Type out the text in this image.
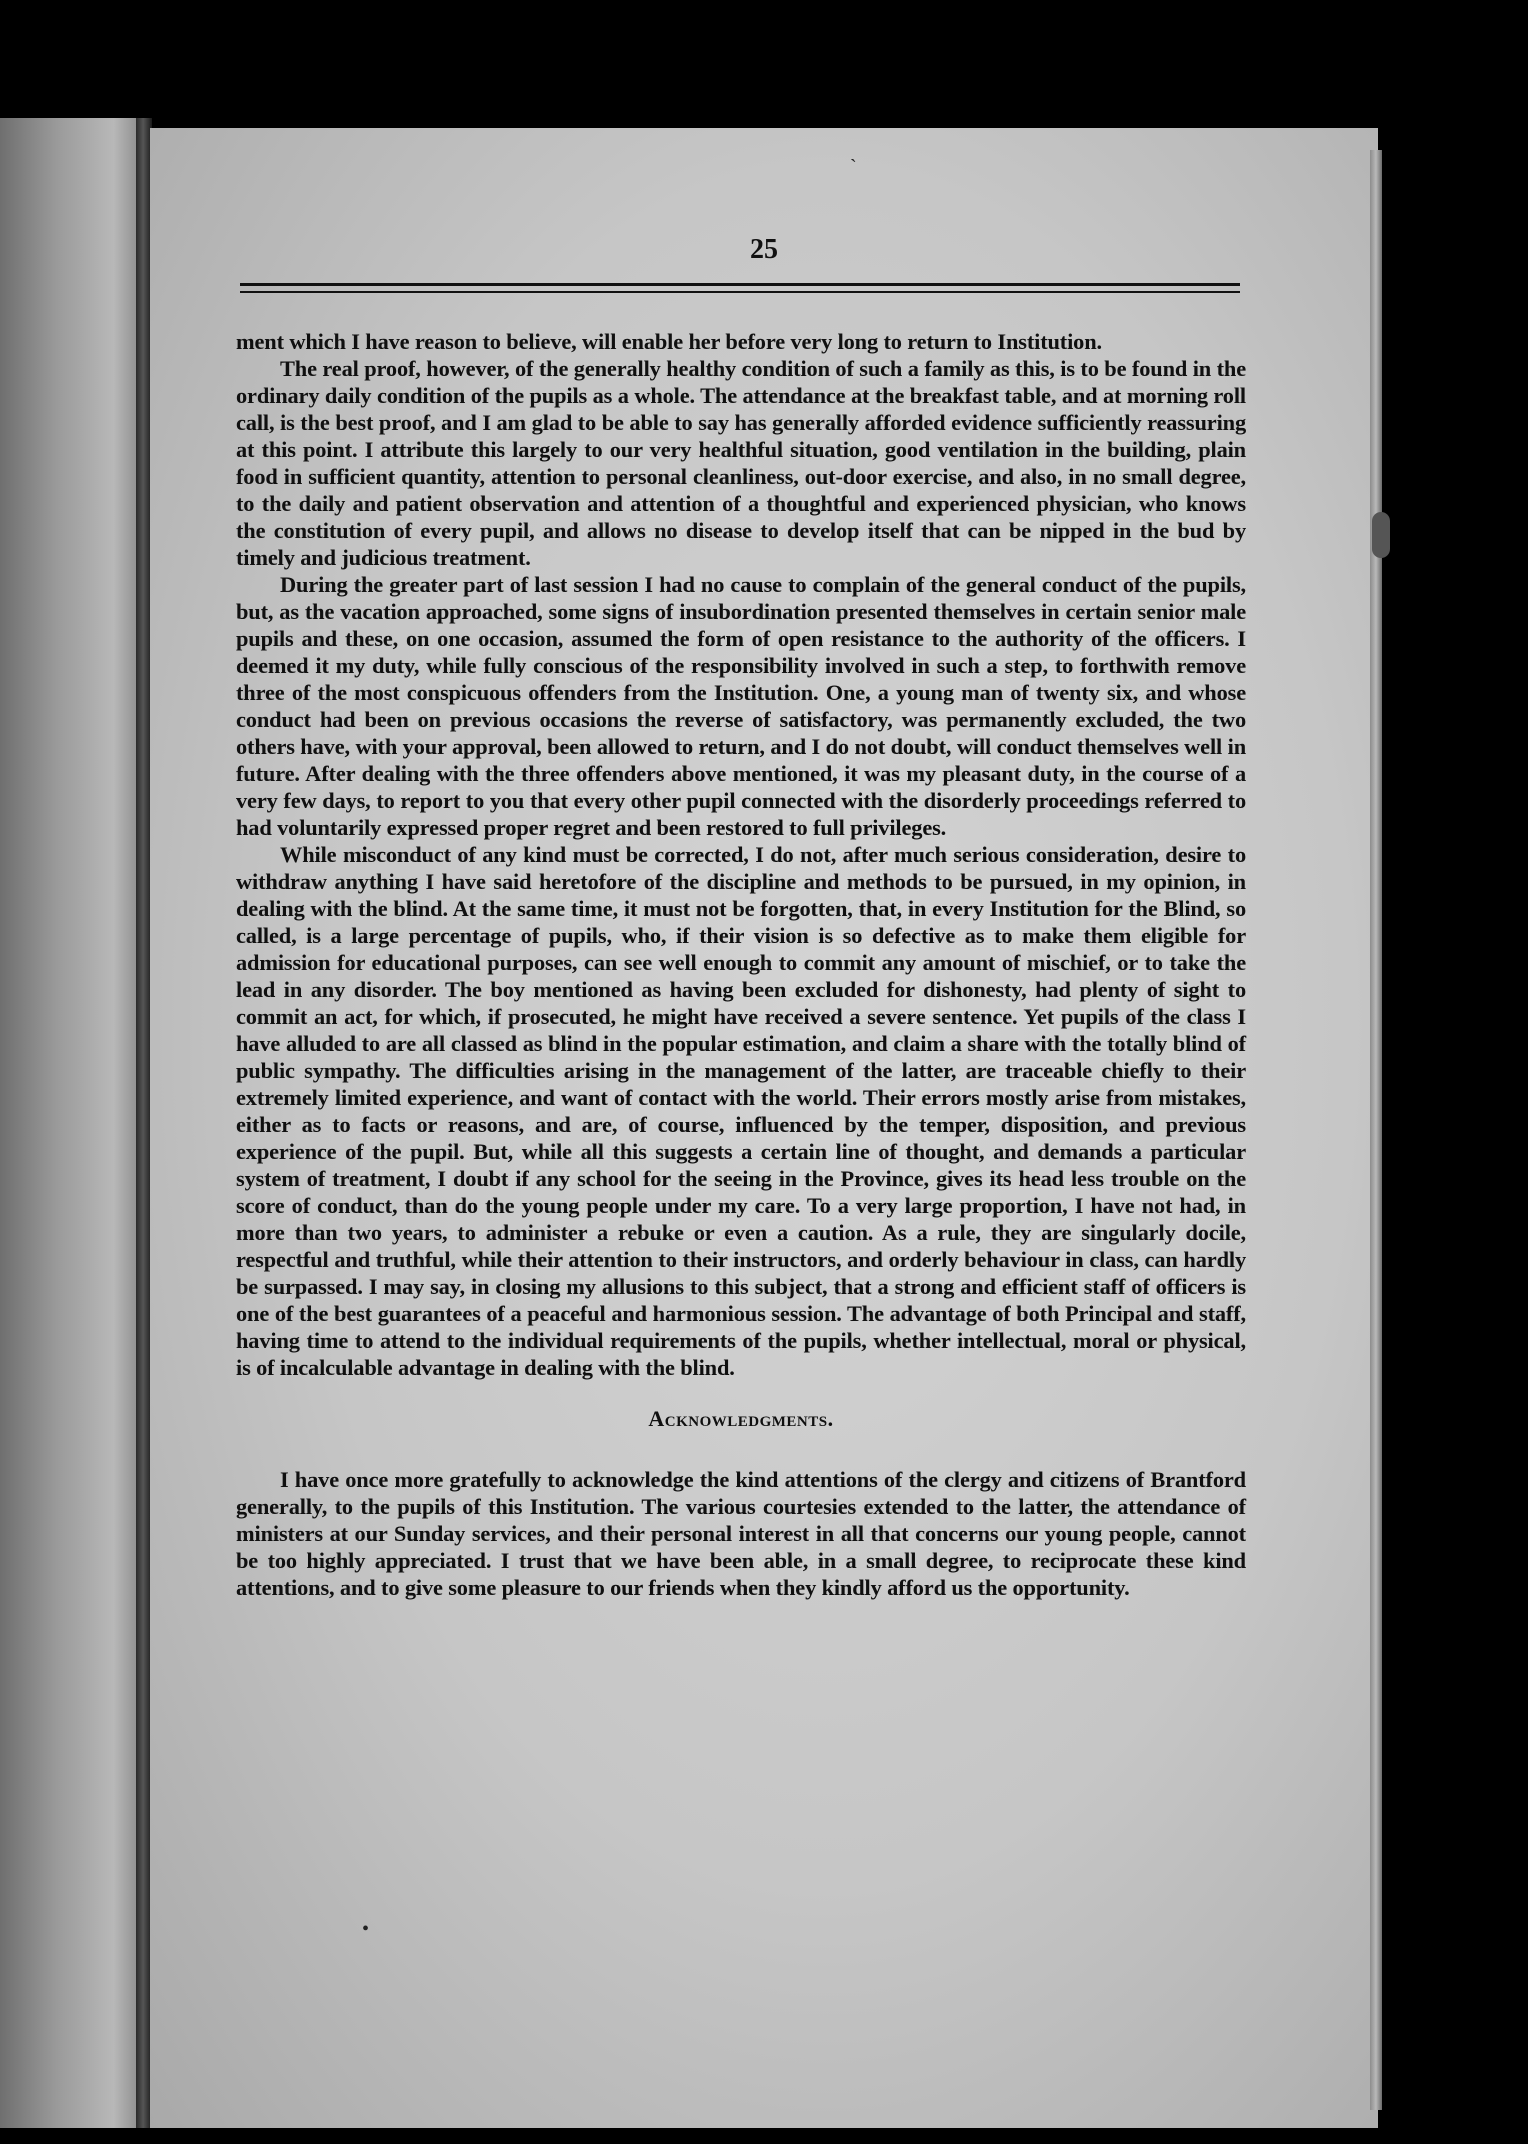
25

ment which I have reason to believe, will enable her before very long to return to Institution.

The real proof, however, of the generally healthy condition of such a family as this, is to be found in the ordinary daily condition of the pupils as a whole. The attendance at the breakfast table, and at morning roll call, is the best proof, and I am glad to be able to say has generally afforded evidence sufficiently reassuring at this point. I attribute this largely to our very healthful situation, good ventilation in the building, plain food in sufficient quantity, attention to personal cleanliness, out-door exercise, and also, in no small degree, to the daily and patient observation and attention of a thoughtful and experienced physician, who knows the constitution of every pupil, and allows no disease to develop itself that can be nipped in the bud by timely and judicious treatment.

During the greater part of last session I had no cause to complain of the general conduct of the pupils, but, as the vacation approached, some signs of insubordination presented themselves in certain senior male pupils and these, on one occasion, assumed the form of open resistance to the authority of the officers. I deemed it my duty, while fully conscious of the responsibility involved in such a step, to forthwith remove three of the most conspicuous offenders from the Institution. One, a young man of twenty six, and whose conduct had been on previous occasions the reverse of satisfactory, was permanently excluded, the two others have, with your approval, been allowed to return, and I do not doubt, will conduct themselves well in future. After dealing with the three offenders above mentioned, it was my pleasant duty, in the course of a very few days, to report to you that every other pupil connected with the disorderly proceedings referred to had voluntarily expressed proper regret and been restored to full privileges.

While misconduct of any kind must be corrected, I do not, after much serious consideration, desire to withdraw anything I have said heretofore of the discipline and methods to be pursued, in my opinion, in dealing with the blind. At the same time, it must not be forgotten, that, in every Institution for the Blind, so called, is a large percentage of pupils, who, if their vision is so defective as to make them eligible for admission for educational purposes, can see well enough to commit any amount of mischief, or to take the lead in any disorder. The boy mentioned as having been excluded for dishonesty, had plenty of sight to commit an act, for which, if prosecuted, he might have received a severe sentence. Yet pupils of the class I have alluded to are all classed as blind in the popular estimation, and claim a share with the totally blind of public sympathy. The difficulties arising in the management of the latter, are traceable chiefly to their extremely limited experience, and want of contact with the world. Their errors mostly arise from mistakes, either as to facts or reasons, and are, of course, influenced by the temper, disposition, and previous experience of the pupil. But, while all this suggests a certain line of thought, and demands a particular system of treatment, I doubt if any school for the seeing in the Province, gives its head less trouble on the score of conduct, than do the young people under my care. To a very large proportion, I have not had, in more than two years, to administer a rebuke or even a caution. As a rule, they are singularly docile, respectful and truthful, while their attention to their instructors, and orderly behaviour in class, can hardly be surpassed. I may say, in closing my allusions to this subject, that a strong and efficient staff of officers is one of the best guarantees of a peaceful and harmonious session. The advantage of both Principal and staff, having time to attend to the individual requirements of the pupils, whether intellectual, moral or physical, is of incalculable advantage in dealing with the blind.

Acknowledgments.

I have once more gratefully to acknowledge the kind attentions of the clergy and citizens of Brantford generally, to the pupils of this Institution. The various courtesies extended to the latter, the attendance of ministers at our Sunday services, and their personal interest in all that concerns our young people, cannot be too highly appreciated. I trust that we have been able, in a small degree, to reciprocate these kind attentions, and to give some pleasure to our friends when they kindly afford us the opportunity.

ˋ
•
